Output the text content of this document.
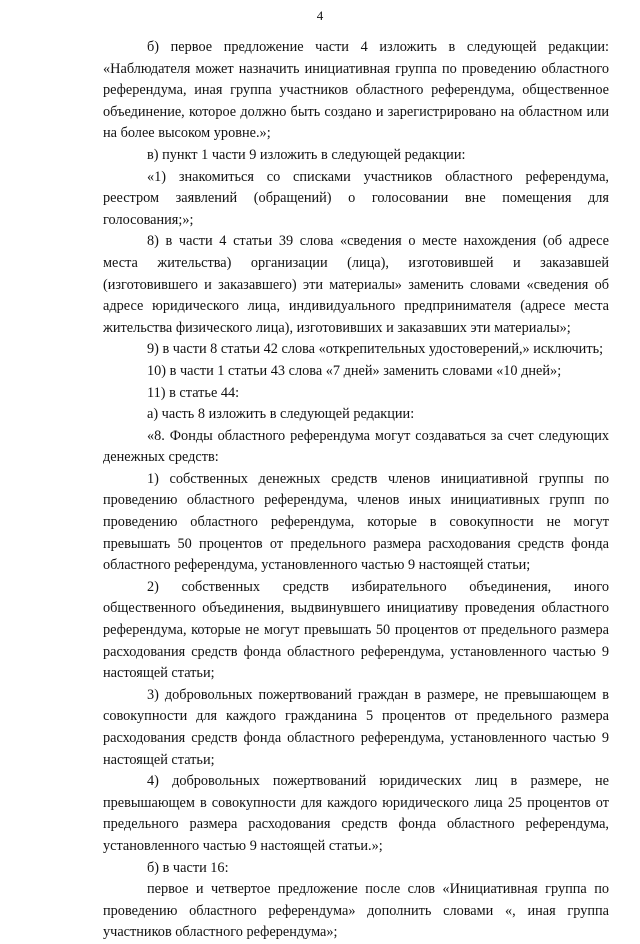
4

б) первое предложение части 4 изложить в следующей редакции: «Наблюдателя может назначить инициативная группа по проведению областного референдума, иная группа участников областного референдума, общественное объединение, которое должно быть создано и зарегистрировано на областном или на более высоком уровне.»;

в) пункт 1 части 9 изложить в следующей редакции:

«1) знакомиться со списками участников областного референдума, реестром заявлений (обращений) о голосовании вне помещения для голосования;»;

8) в части 4 статьи 39 слова «сведения о месте нахождения (об адресе места жительства) организации (лица), изготовившей и заказавшей (изготовившего и заказавшего) эти материалы» заменить словами «сведения об адресе юридического лица, индивидуального предпринимателя (адресе места жительства физического лица), изготовивших и заказавших эти материалы»;

9) в части 8 статьи 42 слова «открепительных удостоверений,» исключить;

10) в части 1 статьи 43 слова «7 дней» заменить словами «10 дней»;

11) в статье 44:

а) часть 8 изложить в следующей редакции:

«8. Фонды областного референдума могут создаваться за счет следующих денежных средств:

1) собственных денежных средств членов инициативной группы по проведению областного референдума, членов иных инициативных групп по проведению областного референдума, которые в совокупности не могут превышать 50 процентов от предельного размера расходования средств фонда областного референдума, установленного частью 9 настоящей статьи;

2) собственных средств избирательного объединения, иного общественного объединения, выдвинувшего инициативу проведения областного референдума, которые не могут превышать 50 процентов от предельного размера расходования средств фонда областного референдума, установленного частью 9 настоящей статьи;

3) добровольных пожертвований граждан в размере, не превышающем в совокупности для каждого гражданина 5 процентов от предельного размера расходования средств фонда областного референдума, установленного частью 9 настоящей статьи;

4) добровольных пожертвований юридических лиц в размере, не превышающем в совокупности для каждого юридического лица 25 процентов от предельного размера расходования средств фонда областного референдума, установленного частью 9 настоящей статьи.»;

б) в части 16:

первое и четвертое предложение после слов «Инициативная группа по проведению областного референдума» дополнить словами «, иная группа участников областного референдума»;
